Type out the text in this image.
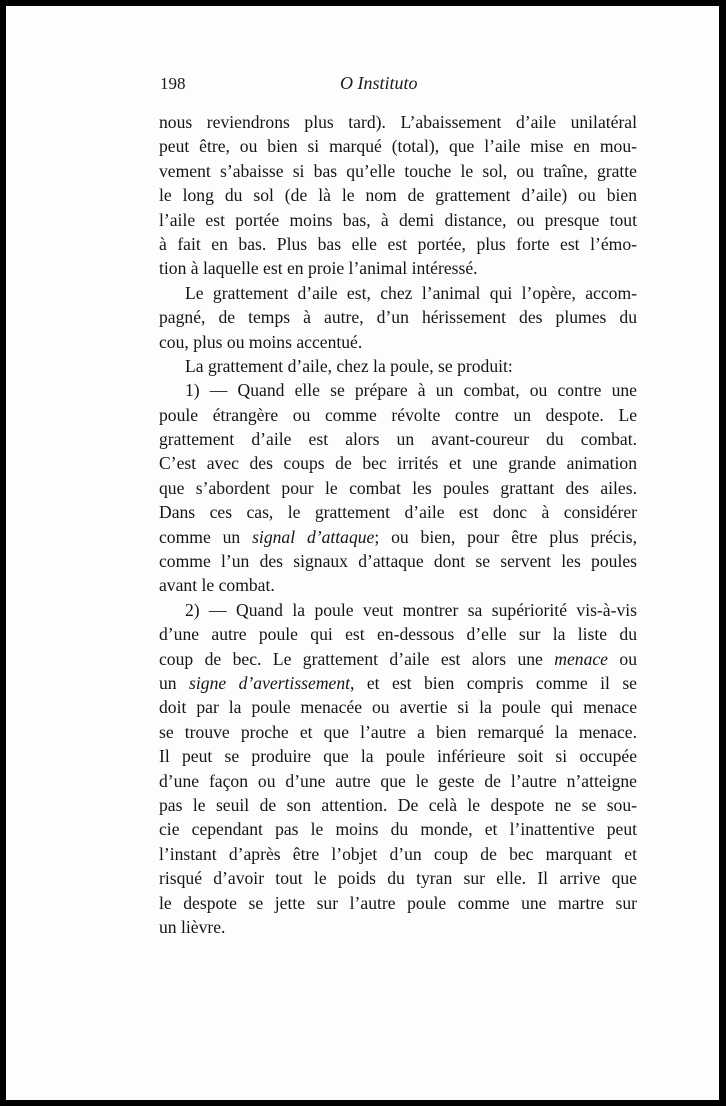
198	O Instituto
nous reviendrons plus tard). L’abaissement d’aile unilatéral
peut être, ou bien si marqué (total), que l’aile mise en mou-
vement s’abaisse si bas qu’elle touche le sol, ou traîne, gratte
le long du sol (de là le nom de grattement d’aile) ou bien
l’aile est portée moins bas, à demi distance, ou presque tout
à fait en bas. Plus bas elle est portée, plus forte est l’émo-
tion à laquelle est en proie l’animal intéressé.
Le grattement d’aile est, chez l’animal qui l’opère, accom-
pagné, de temps à autre, d’un hérissement des plumes du
cou, plus ou moins accentué.
La grattement d’aile, chez la poule, se produit:
1) — Quand elle se prépare à un combat, ou contre une
poule étrangère ou comme révolte contre un despote. Le
grattement d’aile est alors un avant-coureur du combat.
C’est avec des coups de bec irrités et une grande animation
que s’abordent pour le combat les poules grattant des ailes.
Dans ces cas, le grattement d’aile est donc à considérer
comme un signal d’attaque; ou bien, pour être plus précis,
comme l’un des signaux d’attaque dont se servent les poules
avant le combat.
2) — Quand la poule veut montrer sa supériorité vis-à-vis
d’une autre poule qui est en-dessous d’elle sur la liste du
coup de bec. Le grattement d’aile est alors une menace ou
un signe d’avertissement, et est bien compris comme il se
doit par la poule menacée ou avertie si la poule qui menace
se trouve proche et que l’autre a bien remarqué la menace.
Il peut se produire que la poule inférieure soit si occupée
d’une façon ou d’une autre que le geste de l’autre n’atteigne
pas le seuil de son attention. De celà le despote ne se sou-
cie cependant pas le moins du monde, et l’inattentive peut
l’instant d’après être l’objet d’un coup de bec marquant et
risqué d’avoir tout le poids du tyran sur elle. Il arrive que
le despote se jette sur l’autre poule comme une martre sur
un lièvre.
